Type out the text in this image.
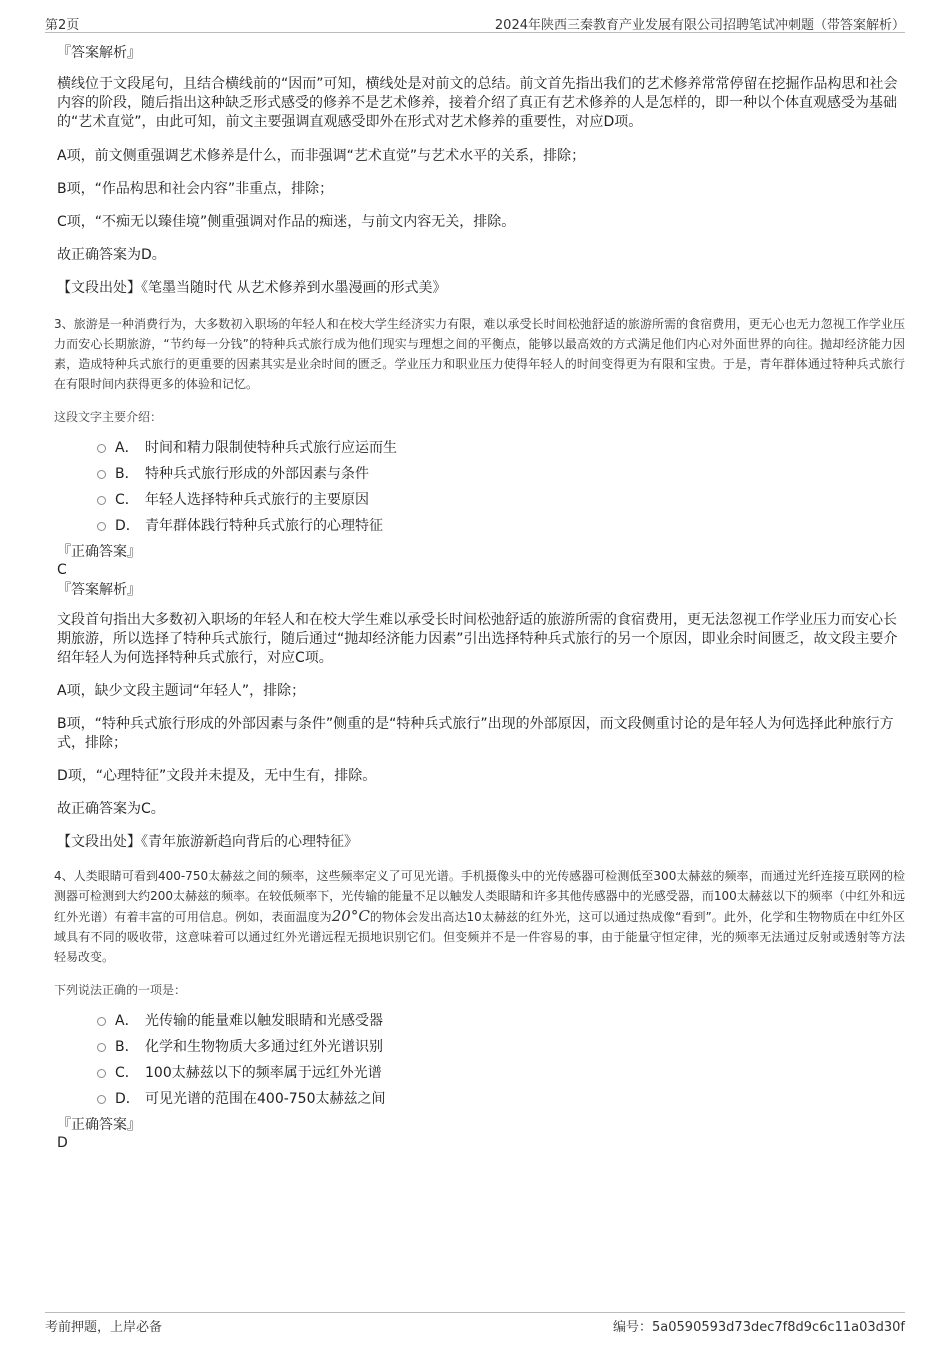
第2页	2024年陕西三秦教育产业发展有限公司招聘笔试冲刺题（带答案解析）
『答案解析』

横线位于文段尾句，且结合横线前的“因而”可知，横线处是对前文的总结。前文首先指出我们的艺术修养常常停留在挖掘作品构思和社会内容的阶段，随后指出这种缺乏形式感受的修养不是艺术修养，接着介绍了真正有艺术修养的人是怎样的，即一种以个体直观感受为基础的“艺术直觉”，由此可知，前文主要强调直观感受即外在形式对艺术修养的重要性，对应D项。

A项，前文侧重强调艺术修养是什么，而非强调“艺术直觉”与艺术水平的关系，排除；

B项，“作品构思和社会内容”非重点，排除；

C项，“不痴无以臻佳境”侧重强调对作品的痴迷，与前文内容无关，排除。

故正确答案为D。

【文段出处】《笔墨当随时代 从艺术修养到水墨漫画的形式美》

3、旅游是一种消费行为，大多数初入职场的年轻人和在校大学生经济实力有限，难以承受长时间松弛舒适的旅游所需的食宿费用，更无心也无力忽视工作学业压力而安心长期旅游，“节约每一分钱”的特种兵式旅行成为他们现实与理想之间的平衡点，能够以最高效的方式满足他们内心对外面世界的向往。抛却经济能力因素，造成特种兵式旅行的更重要的因素其实是业余时间的匮乏。学业压力和职业压力使得年轻人的时间变得更为有限和宝贵。于是，青年群体通过特种兵式旅行在有限时间内获得更多的体验和记忆。

这段文字主要介绍：
A． 时间和精力限制使特种兵式旅行应运而生
B． 特种兵式旅行形成的外部因素与条件
C． 年轻人选择特种兵式旅行的主要原因
D． 青年群体践行特种兵式旅行的心理特征
『正确答案』
C
『答案解析』

文段首句指出大多数初入职场的年轻人和在校大学生难以承受长时间松弛舒适的旅游所需的食宿费用，更无法忽视工作学业压力而安心长期旅游，所以选择了特种兵式旅行，随后通过“抛却经济能力因素”引出选择特种兵式旅行的另一个原因，即业余时间匮乏，故文段主要介绍年轻人为何选择特种兵式旅行，对应C项。

A项，缺少文段主题词“年轻人”，排除；

B项，“特种兵式旅行形成的外部因素与条件”侧重的是“特种兵式旅行”出现的外部原因，而文段侧重讨论的是年轻人为何选择此种旅行方式，排除；

D项，“心理特征”文段并未提及，无中生有，排除。

故正确答案为C。

【文段出处】《青年旅游新趋向背后的心理特征》

4、人类眼睛可看到400-750太赫兹之间的频率，这些频率定义了可见光谱。手机摄像头中的光传感器可检测低至300太赫兹的频率，而通过光纤连接互联网的检测器可检测到大约200太赫兹的频率。在较低频率下，光传输的能量不足以触发人类眼睛和许多其他传感器中的光感受器，而100太赫兹以下的频率（中红外和远红外光谱）有着丰富的可用信息。例如，表面温度为20°C的物体会发出高达10太赫兹的红外光，这可以通过热成像“看到”。此外，化学和生物物质在中红外区域具有不同的吸收带，这意味着可以通过红外光谱远程无损地识别它们。但变频并不是一件容易的事，由于能量守恒定律，光的频率无法通过反射或透射等方法轻易改变。

下列说法正确的一项是：
A． 光传输的能量难以触发眼睛和光感受器
B． 化学和生物物质大多通过红外光谱识别
C． 100太赫兹以下的频率属于远红外光谱
D． 可见光谱的范围在400-750太赫兹之间
『正确答案』
D
考前押题，上岸必备	编号：5a0590593d73dec7f8d9c6c11a03d30f
